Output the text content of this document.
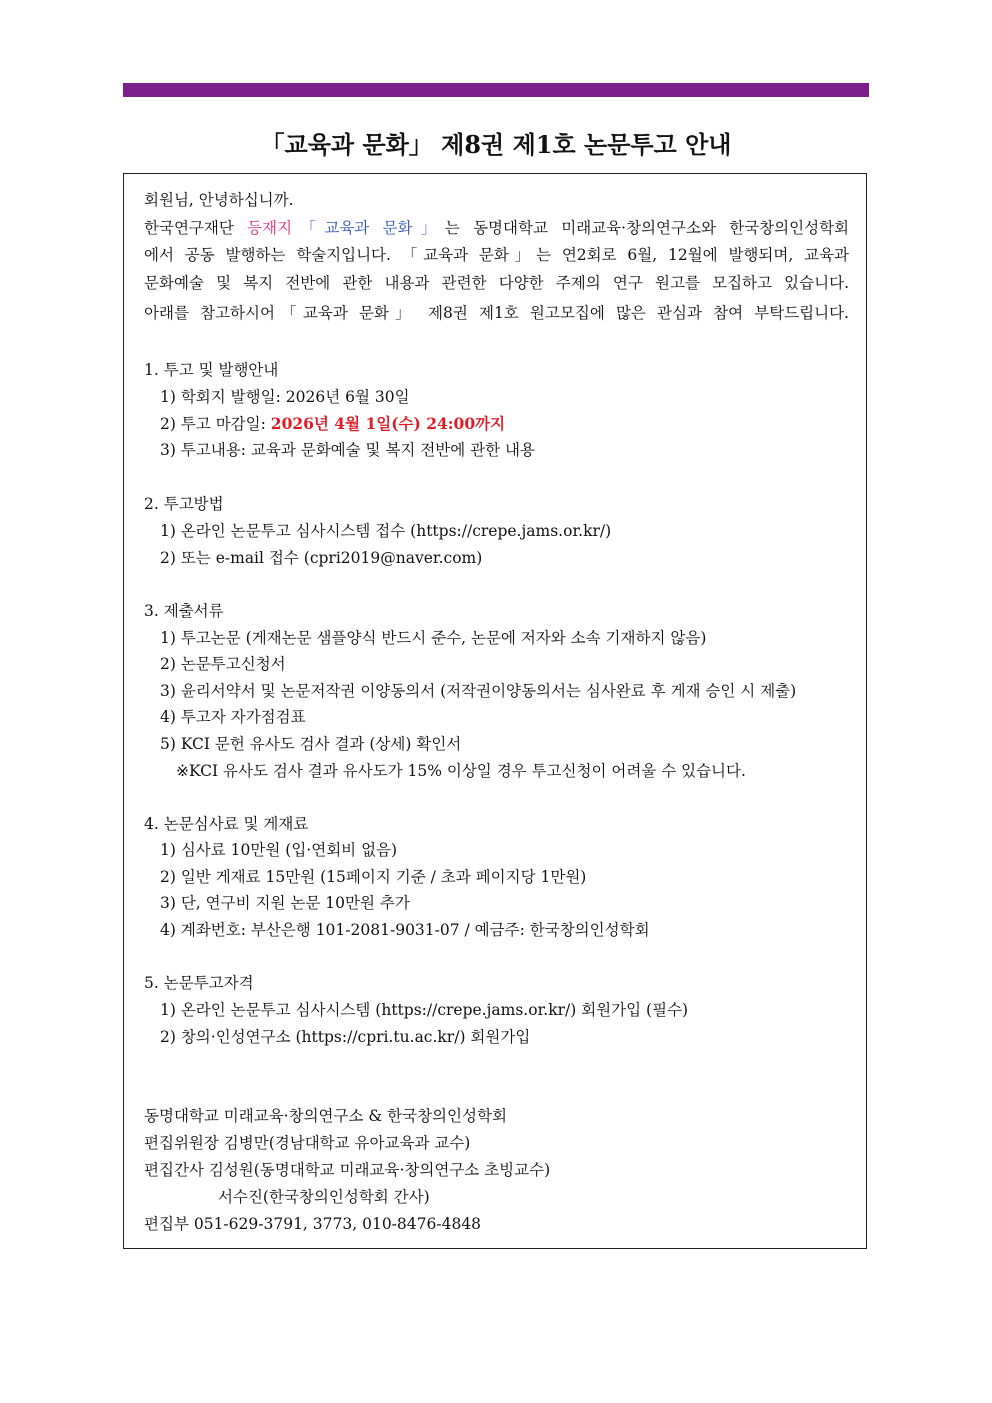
「교육과 문화」 제8권 제1호 논문투고 안내
회원님, 안녕하십니까.
한국연구재단 등재지「교육과 문화」는 동명대학교 미래교육·창의연구소와 한국창의인성학회
에서 공동 발행하는 학술지입니다. 「교육과 문화」는 연2회로 6월, 12월에 발행되며, 교육과
문화예술 및 복지 전반에 관한 내용과 관련한 다양한 주제의 연구 원고를 모집하고 있습니다.
아래를 참고하시어「교육과 문화」 제8권 제1호 원고모집에 많은 관심과 참여 부탁드립니다.
1. 투고 및 발행안내
1) 학회지 발행일: 2026년 6월 30일
2) 투고 마감일: 2026년 4월 1일(수) 24:00까지
3) 투고내용: 교육과 문화예술 및 복지 전반에 관한 내용
2. 투고방법
1) 온라인 논문투고 심사시스템 접수 (https://crepe.jams.or.kr/)
2) 또는 e-mail 접수 (cpri2019@naver.com)
3. 제출서류
1) 투고논문 (게재논문 샘플양식 반드시 준수, 논문에 저자와 소속 기재하지 않음)
2) 논문투고신청서
3) 윤리서약서 및 논문저작권 이양동의서 (저작권이양동의서는 심사완료 후 게재 승인 시 제출)
4) 투고자 자가점검표
5) KCI 문헌 유사도 검사 결과 (상세) 확인서
※KCI 유사도 검사 결과 유사도가 15% 이상일 경우 투고신청이 어려울 수 있습니다.
4. 논문심사료 및 게재료
1) 심사료 10만원 (입·연회비 없음)
2) 일반 게재료 15만원 (15페이지 기준 / 초과 페이지당 1만원)
3) 단, 연구비 지원 논문 10만원 추가
4) 계좌번호: 부산은행 101-2081-9031-07 / 예금주: 한국창의인성학회
5. 논문투고자격
1) 온라인 논문투고 심사시스템 (https://crepe.jams.or.kr/) 회원가입 (필수)
2) 창의·인성연구소 (https://cpri.tu.ac.kr/) 회원가입
동명대학교 미래교육·창의연구소 & 한국창의인성학회
편집위원장 김병만(경남대학교 유아교육과 교수)
편집간사 김성원(동명대학교 미래교육·창의연구소 초빙교수)
서수진(한국창의인성학회 간사)
편집부 051-629-3791, 3773, 010-8476-4848
